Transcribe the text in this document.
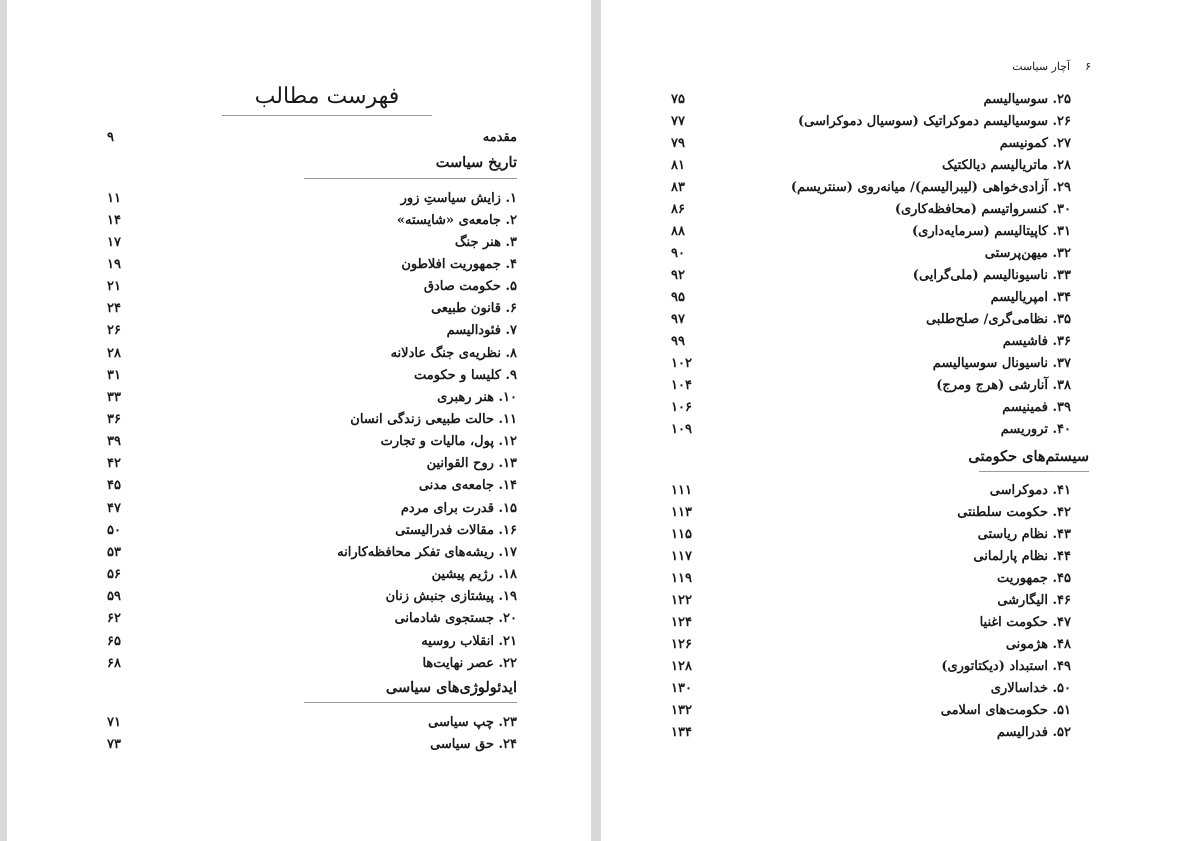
فهرست مطالب
مقدمه
۹
تاریخ سیاست
۱. زایش سیاستِ زور
۱۱
۲. جامعه‌ی «شایسته»
۱۴
۳. هنر جنگ
۱۷
۴. جمهوریت افلاطون
۱۹
۵. حکومت صادق
۲۱
۶. قانون طبیعی
۲۴
۷. فئودالیسم
۲۶
۸. نظریه‌ی جنگ عادلانه
۲۸
۹. کلیسا و حکومت
۳۱
۱۰. هنر رهبری
۳۳
۱۱. حالت طبیعی زندگی انسان
۳۶
۱۲. پول، مالیات و تجارت
۳۹
۱۳. روح القوانین
۴۲
۱۴. جامعه‌ی مدنی
۴۵
۱۵. قدرت برای مردم
۴۷
۱۶. مقالات فدرالیستی
۵۰
۱۷. ریشه‌های تفکر محافظه‌کارانه
۵۳
۱۸. رژیم پیشین
۵۶
۱۹. پیشتازی جنبش زنان
۵۹
۲۰. جستجوی شادمانی
۶۲
۲۱. انقلاب روسیه
۶۵
۲۲. عصر نهایت‌ها
۶۸
ایدئولوژی‌های سیاسی
۲۳. چپ سیاسی
۷۱
۲۴. حق سیاسی
۷۳
۶  آچار سیاست
۲۵. سوسیالیسم
۷۵
۲۶. سوسیالیسم دموکراتیک (سوسیال دموکراسی)
۷۷
۲۷. کمونیسم
۷۹
۲۸. ماتریالیسم دیالکتیک
۸۱
۲۹. آزادی‌خواهی (لیبرالیسم)/ میانه‌روی (سنتریسم)
۸۳
۳۰. کنسرواتیسم (محافظه‌کاری)
۸۶
۳۱. کاپیتالیسم (سرمایه‌داری)
۸۸
۳۲. میهن‌پرستی
۹۰
۳۳. ناسیونالیسم (ملی‌گرایی)
۹۲
۳۴. امپریالیسم
۹۵
۳۵. نظامی‌گری/ صلح‌طلبی
۹۷
۳۶. فاشیسم
۹۹
۳۷. ناسیونال سوسیالیسم
۱۰۲
۳۸. آنارشی (هرج ومرج)
۱۰۴
۳۹. فمینیسم
۱۰۶
۴۰. تروریسم
۱۰۹
سیستم‌های حکومتی
۴۱. دموکراسی
۱۱۱
۴۲. حکومت سلطنتی
۱۱۳
۴۳. نظام ریاستی
۱۱۵
۴۴. نظام پارلمانی
۱۱۷
۴۵. جمهوریت
۱۱۹
۴۶. الیگارشی
۱۲۲
۴۷. حکومت اغنیا
۱۲۴
۴۸. هژمونی
۱۲۶
۴۹. استبداد (دیکتاتوری)
۱۲۸
۵۰. خداسالاری
۱۳۰
۵۱. حکومت‌های اسلامی
۱۳۲
۵۲. فدرالیسم
۱۳۴
